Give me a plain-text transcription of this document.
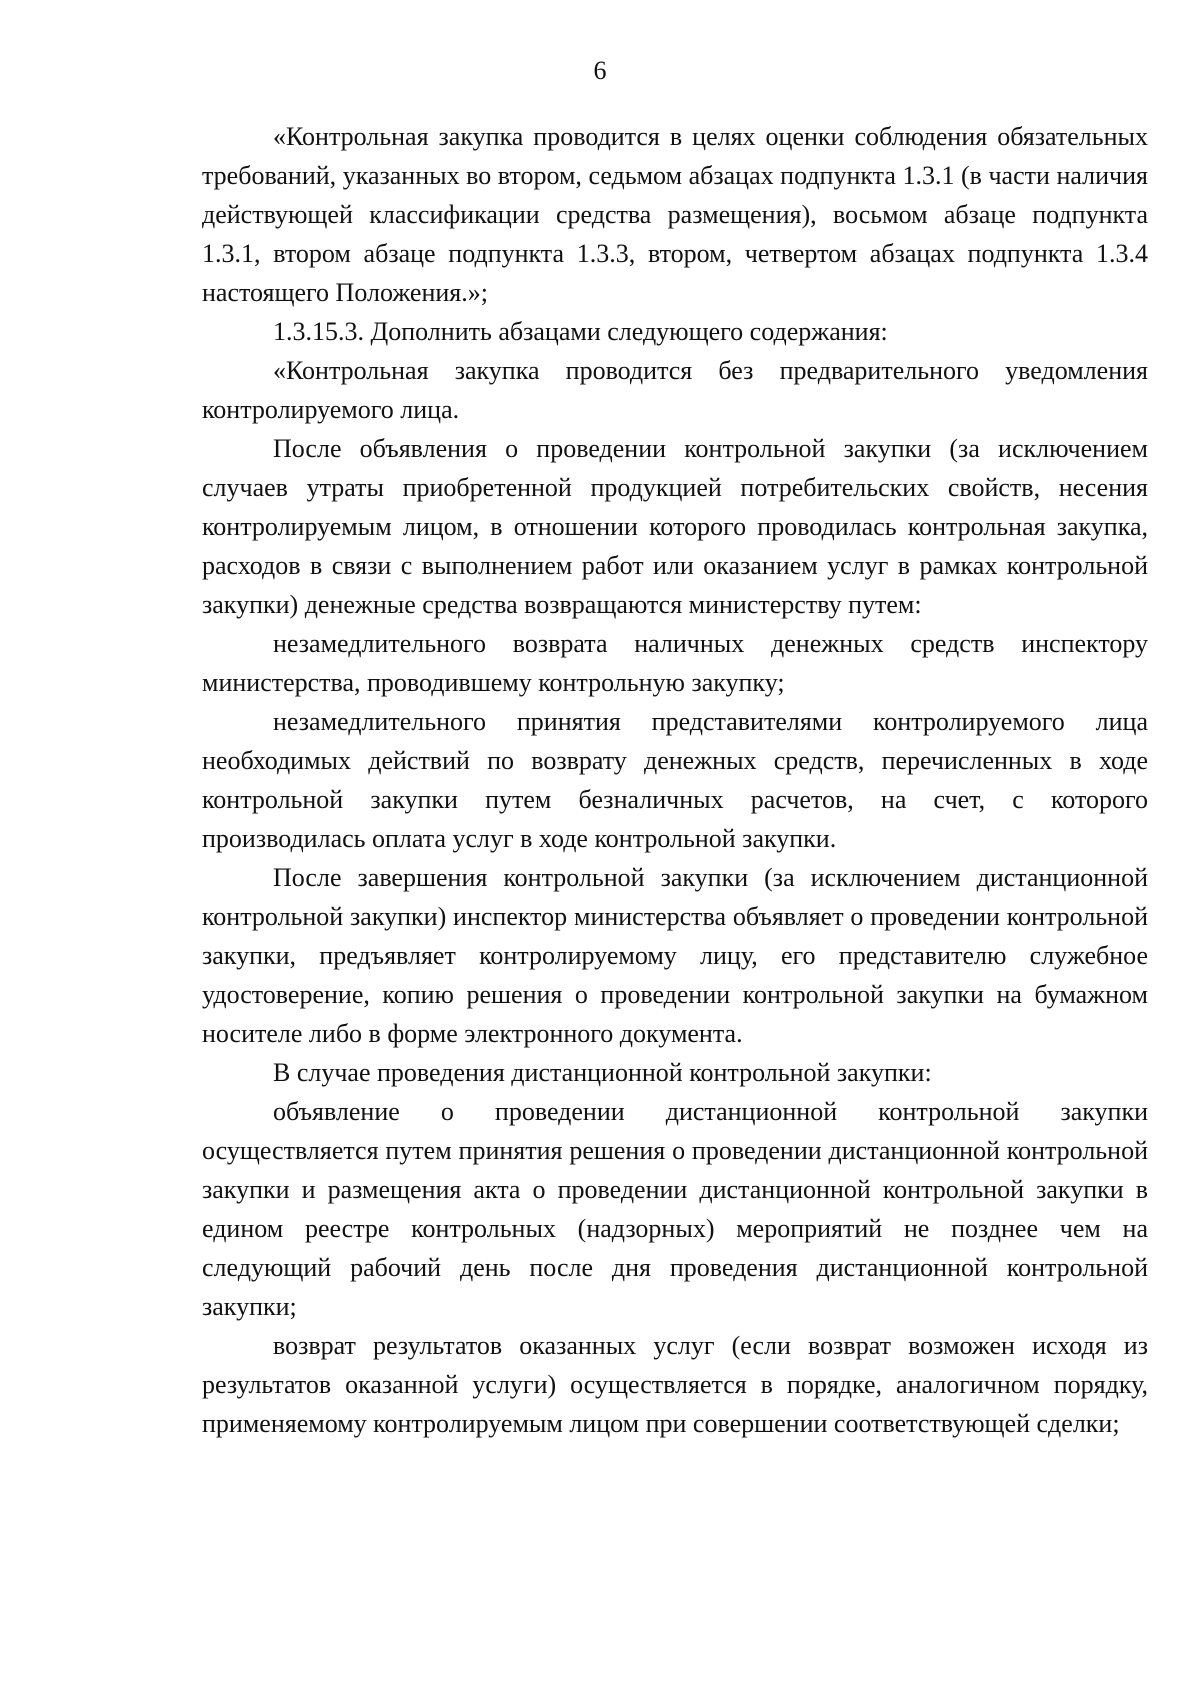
6

«Контрольная закупка проводится в целях оценки соблюдения обязательных требований, указанных во втором, седьмом абзацах подпункта 1.3.1 (в части наличия действующей классификации средства размещения), восьмом абзаце подпункта 1.3.1, втором абзаце подпункта 1.3.3, втором, четвертом абзацах подпункта 1.3.4 настоящего Положения.»;

1.3.15.3. Дополнить абзацами следующего содержания:

«Контрольная закупка проводится без предварительного уведомления контролируемого лица.

После объявления о проведении контрольной закупки (за исключением случаев утраты приобретенной продукцией потребительских свойств, несения контролируемым лицом, в отношении которого проводилась контрольная закупка, расходов в связи с выполнением работ или оказанием услуг в рамках контрольной закупки) денежные средства возвращаются министерству путем:

незамедлительного возврата наличных денежных средств инспектору министерства, проводившему контрольную закупку;

незамедлительного принятия представителями контролируемого лица необходимых действий по возврату денежных средств, перечисленных в ходе контрольной закупки путем безналичных расчетов, на счет, с которого производилась оплата услуг в ходе контрольной закупки.

После завершения контрольной закупки (за исключением дистанционной контрольной закупки) инспектор министерства объявляет о проведении контрольной закупки, предъявляет контролируемому лицу, его представителю служебное удостоверение, копию решения о проведении контрольной закупки на бумажном носителе либо в форме электронного документа.

В случае проведения дистанционной контрольной закупки:

объявление о проведении дистанционной контрольной закупки осуществляется путем принятия решения о проведении дистанционной контрольной закупки и размещения акта о проведении дистанционной контрольной закупки в едином реестре контрольных (надзорных) мероприятий не позднее чем на следующий рабочий день после дня проведения дистанционной контрольной закупки;

возврат результатов оказанных услуг (если возврат возможен исходя из результатов оказанной услуги) осуществляется в порядке, аналогичном порядку, применяемому контролируемым лицом при совершении соответствующей сделки;
